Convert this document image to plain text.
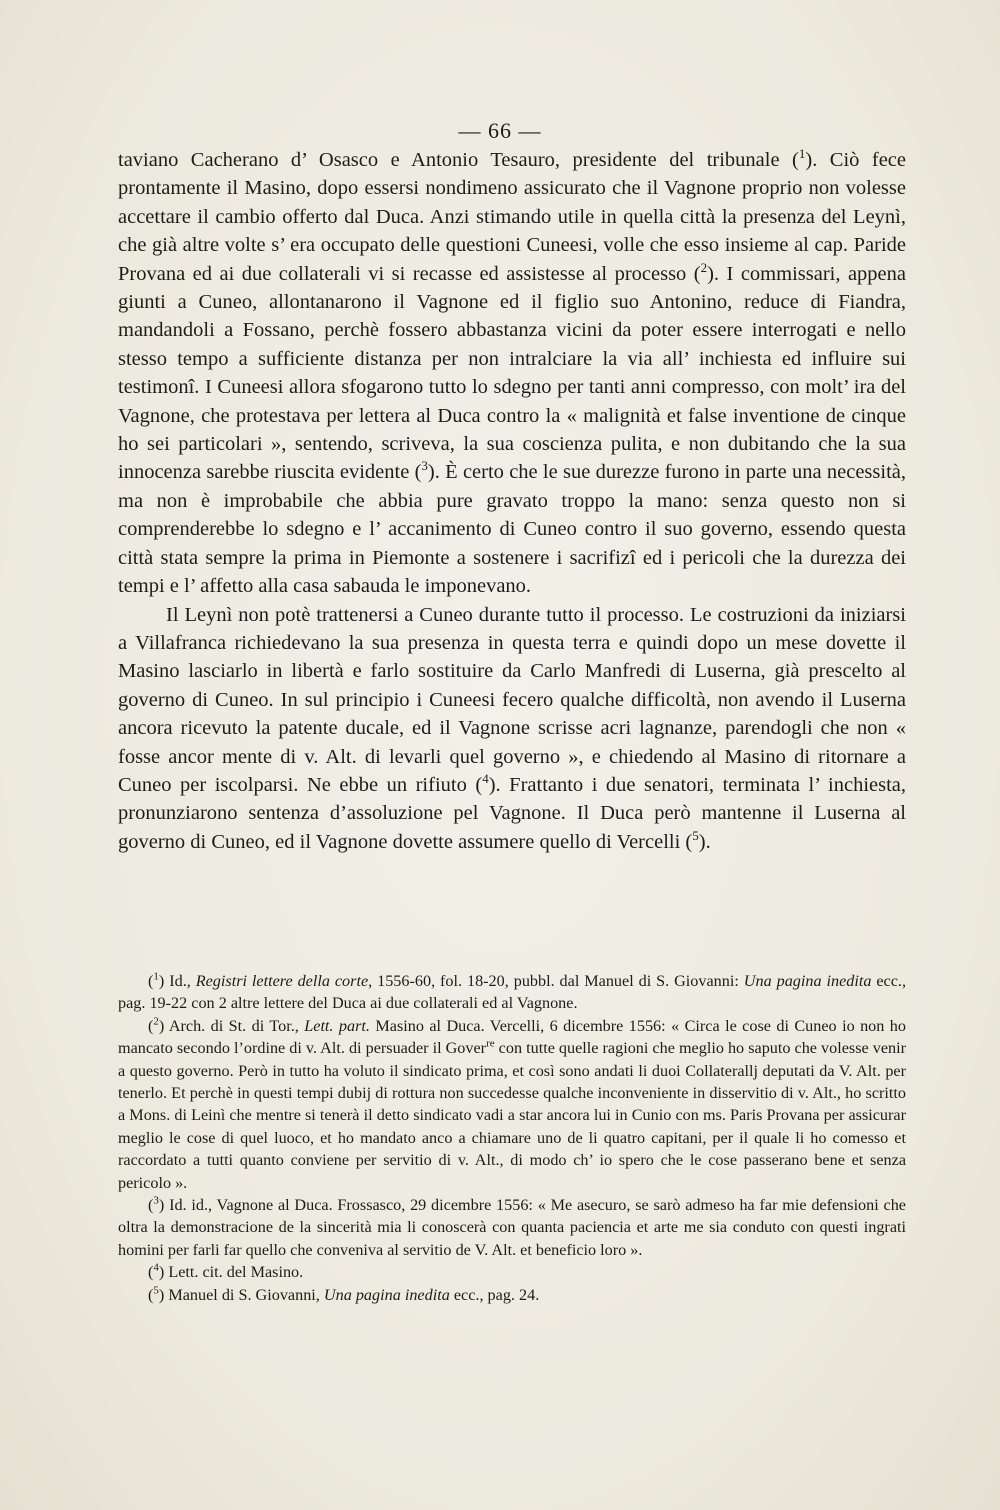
— 66 —

taviano Cacherano d’ Osasco e Antonio Tesauro, presidente del tribunale ($^1$). Ciò fece prontamente il Masino, dopo essersi nondimeno assicurato che il Vagnone proprio non volesse accettare il cambio offerto dal Duca. Anzi stimando utile in quella città la presenza del Leynì, che già altre volte s’ era occupato delle questioni Cuneesi, volle che esso insieme al cap. Paride Provana ed ai due collaterali vi si recasse ed assistesse al processo ($^2$). I commissari, appena giunti a Cuneo, allontanarono il Vagnone ed il figlio suo Antonino, reduce di Fiandra, mandandoli a Fossano, perchè fossero abbastanza vicini da poter essere interrogati e nello stesso tempo a sufficiente distanza per non intralciare la via all’ inchiesta ed influire sui testimonî. I Cuneesi allora sfogarono tutto lo sdegno per tanti anni compresso, con molt’ ira del Vagnone, che protestava per lettera al Duca contro la « malignità et false inventione de cinque ho sei particolari », sentendo, scriveva, la sua coscienza pulita, e non dubitando che la sua innocenza sarebbe riuscita evidente ($^3$). È certo che le sue durezze furono in parte una necessità, ma non è improbabile che abbia pure gravato troppo la mano: senza questo non si comprenderebbe lo sdegno e l’ accanimento di Cuneo contro il suo governo, essendo questa città stata sempre la prima in Piemonte a sostenere i sacrifizî ed i pericoli che la durezza dei tempi e l’ affetto alla casa sabauda le imponevano.

Il Leynì non potè trattenersi a Cuneo durante tutto il processo. Le costruzioni da iniziarsi a Villafranca richiedevano la sua presenza in questa terra e quindi dopo un mese dovette il Masino lasciarlo in libertà e farlo sostituire da Carlo Manfredi di Luserna, già prescelto al governo di Cuneo. In sul principio i Cuneesi fecero qualche difficoltà, non avendo il Luserna ancora ricevuto la patente ducale, ed il Vagnone scrisse acri lagnanze, parendogli che non « fosse ancor mente di v. Alt. di levarli quel governo », e chiedendo al Masino di ritornare a Cuneo per iscolparsi. Ne ebbe un rifiuto ($^4$). Frattanto i due senatori, terminata l’ inchiesta, pronunziarono sentenza d’assoluzione pel Vagnone. Il Duca però mantenne il Luserna al governo di Cuneo, ed il Vagnone dovette assumere quello di Vercelli ($^5$).

($^1$) Id., Registri lettere della corte, 1556-60, fol. 18-20, pubbl. dal Manuel di S. Giovanni: Una pagina inedita ecc., pag. 19-22 con 2 altre lettere del Duca ai due collaterali ed al Vagnone.

($^2$) Arch. di St. di Tor., Lett. part. Masino al Duca. Vercelli, 6 dicembre 1556: « Circa le cose di Cuneo io non ho mancato secondo l’ordine di v. Alt. di persuader il Gover$^{re}$ con tutte quelle ragioni che meglio ho saputo che volesse venir a questo governo. Però in tutto ha voluto il sindicato prima, et così sono andati li duoi Collaterallj deputati da V. Alt. per tenerlo. Et perchè in questi tempi dubij di rottura non succedesse qualche inconveniente in disservitio di v. Alt., ho scritto a Mons. di Leinì che mentre si tenerà il detto sindicato vadi a star ancora lui in Cunio con ms. Paris Provana per assicurar meglio le cose di quel luoco, et ho mandato anco a chiamare uno de li quatro capitani, per il quale li ho comesso et raccordato a tutti quanto conviene per servitio di v. Alt., di modo ch’ io spero che le cose passerano bene et senza pericolo ».

($^3$) Id. id., Vagnone al Duca. Frossasco, 29 dicembre 1556: « Me asecuro, se sarò admeso ha far mie defensioni che oltra la demonstracione de la sincerità mia li conoscerà con quanta paciencia et arte me sia conduto con questi ingrati homini per farli far quello che conveniva al servitio de V. Alt. et beneficio loro ».

($^4$) Lett. cit. del Masino.

($^5$) Manuel di S. Giovanni, Una pagina inedita ecc., pag. 24.
